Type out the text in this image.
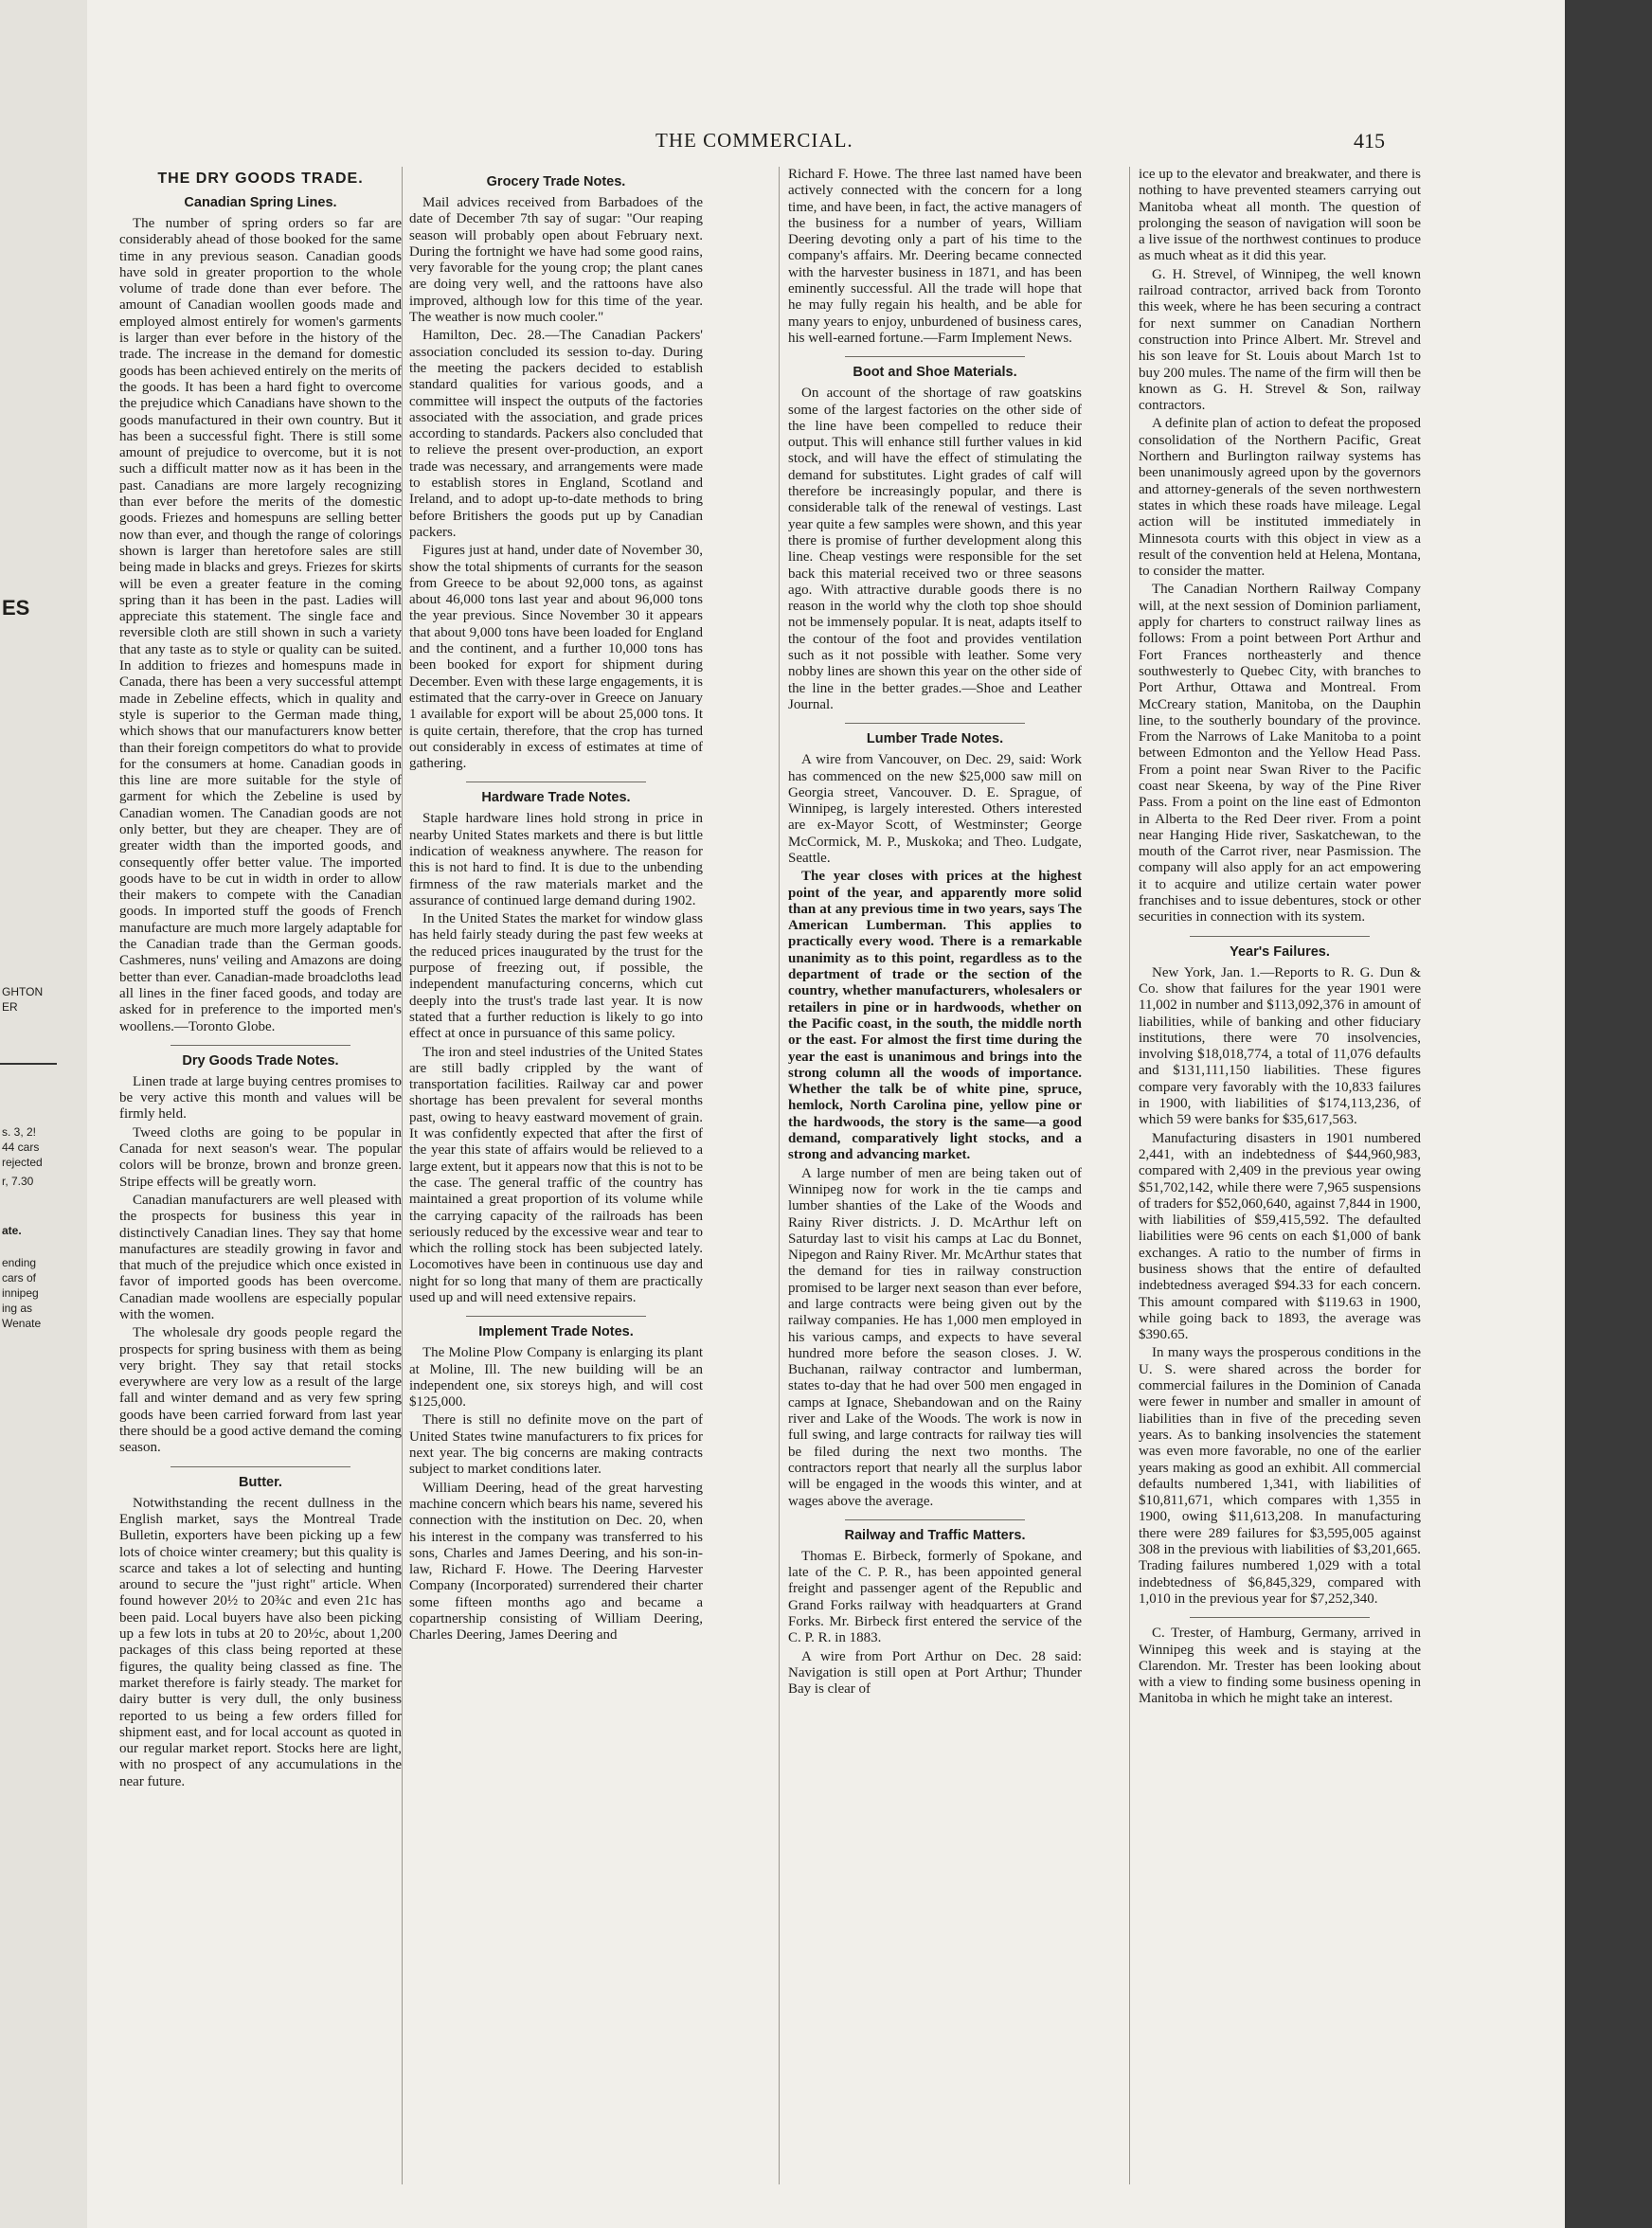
ES
GHTON
ER
s. 3, 2!
44 cars
rejected
r, 7.30
ate.
ending
cars of
innipeg
ing as
Wenate
THE COMMERCIAL.	415
THE DRY GOODS TRADE.
Canadian Spring Lines.

The number of spring orders so far are considerably ahead of those booked for the same time in any previous season. Canadian goods have sold in greater proportion to the whole volume of trade done than ever before. The amount of Canadian woollen goods made and employed almost entirely for women's garments is larger than ever before in the history of the trade. The increase in the demand for domestic goods has been achieved entirely on the merits of the goods. It has been a hard fight to overcome the prejudice which Canadians have shown to the goods manufactured in their own country. But it has been a successful fight. There is still some amount of prejudice to overcome, but it is not such a difficult matter now as it has been in the past. Canadians are more largely recognizing than ever before the merits of the domestic goods. Friezes and homespuns are selling better now than ever, and though the range of colorings shown is larger than heretofore sales are still being made in blacks and greys. Friezes for skirts will be even a greater feature in the coming spring than it has been in the past. Ladies will appreciate this statement. The single face and reversible cloth are still shown in such a variety that any taste as to style or quality can be suited. In addition to friezes and homespuns made in Canada, there has been a very successful attempt made in Zebeline effects, which in quality and style is superior to the German made thing, which shows that our manufacturers know better than their foreign competitors do what to provide for the consumers at home. Canadian goods in this line are more suitable for the style of garment for which the Zebeline is used by Canadian women. The Canadian goods are not only better, but they are cheaper. They are of greater width than the imported goods, and consequently offer better value. The imported goods have to be cut in width in order to allow their makers to compete with the Canadian goods. In imported stuff the goods of French manufacture are much more largely adaptable for the Canadian trade than the German goods. Cashmeres, nuns' veiling and Amazons are doing better than ever. Canadian-made broadcloths lead all lines in the finer faced goods, and today are asked for in preference to the imported men's woollens.—Toronto Globe.

Dry Goods Trade Notes.

Linen trade at large buying centres promises to be very active this month and values will be firmly held.

Tweed cloths are going to be popular in Canada for next season's wear. The popular colors will be bronze, brown and bronze green. Stripe effects will be greatly worn.

Canadian manufacturers are well pleased with the prospects for business this year in distinctively Canadian lines. They say that home manufactures are steadily growing in favor and that much of the prejudice which once existed in favor of imported goods has been overcome. Canadian made woollens are especially popular with the women.

The wholesale dry goods people regard the prospects for spring business with them as being very bright. They say that retail stocks everywhere are very low as a result of the large fall and winter demand and as very few spring goods have been carried forward from last year there should be a good active demand the coming season.

Butter.

Notwithstanding the recent dullness in the English market, says the Montreal Trade Bulletin, exporters have been picking up a few lots of choice winter creamery; but this quality is scarce and takes a lot of selecting and hunting around to secure the "just right" article. When found however 20½ to 20¾c and even 21c has been paid. Local buyers have also been picking up a few lots in tubs at 20 to 20½c, about 1,200 packages of this class being reported at these figures, the quality being classed as fine. The market therefore is fairly steady. The market for dairy butter is very dull, the only business reported to us being a few orders filled for shipment east, and for local account as quoted in our regular market report. Stocks here are light, with no prospect of any accumulations in the near future.

Grocery Trade Notes.

Mail advices received from Barbadoes of the date of December 7th say of sugar: "Our reaping season will probably open about February next. During the fortnight we have had some good rains, very favorable for the young crop; the plant canes are doing very well, and the rattoons have also improved, although low for this time of the year. The weather is now much cooler."

Hamilton, Dec. 28.—The Canadian Packers' association concluded its session to-day. During the meeting the packers decided to establish standard qualities for various goods, and a committee will inspect the outputs of the factories associated with the association, and grade prices according to standards. Packers also concluded that to relieve the present over-production, an export trade was necessary, and arrangements were made to establish stores in England, Scotland and Ireland, and to adopt up-to-date methods to bring before Britishers the goods put up by Canadian packers.

Figures just at hand, under date of November 30, show the total shipments of currants for the season from Greece to be about 92,000 tons, as against about 46,000 tons last year and about 96,000 tons the year previous. Since November 30 it appears that about 9,000 tons have been loaded for England and the continent, and a further 10,000 tons has been booked for export for shipment during December. Even with these large engagements, it is estimated that the carry-over in Greece on January 1 available for export will be about 25,000 tons. It is quite certain, therefore, that the crop has turned out considerably in excess of estimates at time of gathering.

Hardware Trade Notes.

Staple hardware lines hold strong in price in nearby United States markets and there is but little indication of weakness anywhere. The reason for this is not hard to find. It is due to the unbending firmness of the raw materials market and the assurance of continued large demand during 1902.

In the United States the market for window glass has held fairly steady during the past few weeks at the reduced prices inaugurated by the trust for the purpose of freezing out, if possible, the independent manufacturing concerns, which cut deeply into the trust's trade last year. It is now stated that a further reduction is likely to go into effect at once in pursuance of this same policy.

The iron and steel industries of the United States are still badly crippled by the want of transportation facilities. Railway car and power shortage has been prevalent for several months past, owing to heavy eastward movement of grain. It was confidently expected that after the first of the year this state of affairs would be relieved to a large extent, but it appears now that this is not to be the case. The general traffic of the country has maintained a great proportion of its volume while the carrying capacity of the railroads has been seriously reduced by the excessive wear and tear to which the rolling stock has been subjected lately. Locomotives have been in continuous use day and night for so long that many of them are practically used up and will need extensive repairs.

Implement Trade Notes.

The Moline Plow Company is enlarging its plant at Moline, Ill. The new building will be an independent one, six storeys high, and will cost $125,000.

There is still no definite move on the part of United States twine manufacturers to fix prices for next year. The big concerns are making contracts subject to market conditions later.

William Deering, head of the great harvesting machine concern which bears his name, severed his connection with the institution on Dec. 20, when his interest in the company was transferred to his sons, Charles and James Deering, and his son-in-law, Richard F. Howe. The Deering Harvester Company (Incorporated) surrendered their charter some fifteen months ago and became a copartnership consisting of William Deering, Charles Deering, James Deering and

Richard F. Howe. The three last named have been actively connected with the concern for a long time, and have been, in fact, the active managers of the business for a number of years, William Deering devoting only a part of his time to the company's affairs. Mr. Deering became connected with the harvester business in 1871, and has been eminently successful. All the trade will hope that he may fully regain his health, and be able for many years to enjoy, unburdened of business cares, his well-earned fortune.—Farm Implement News.

Boot and Shoe Materials.

On account of the shortage of raw goatskins some of the largest factories on the other side of the line have been compelled to reduce their output. This will enhance still further values in kid stock, and will have the effect of stimulating the demand for substitutes. Light grades of calf will therefore be increasingly popular, and there is considerable talk of the renewal of vestings. Last year quite a few samples were shown, and this year there is promise of further development along this line. Cheap vestings were responsible for the set back this material received two or three seasons ago. With attractive durable goods there is no reason in the world why the cloth top shoe should not be immensely popular. It is neat, adapts itself to the contour of the foot and provides ventilation such as it not possible with leather. Some very nobby lines are shown this year on the other side of the line in the better grades.—Shoe and Leather Journal.

Lumber Trade Notes.

A wire from Vancouver, on Dec. 29, said: Work has commenced on the new $25,000 saw mill on Georgia street, Vancouver. D. E. Sprague, of Winnipeg, is largely interested. Others interested are ex-Mayor Scott, of Westminster; George McCormick, M. P., Muskoka; and Theo. Ludgate, Seattle.

The year closes with prices at the highest point of the year, and apparently more solid than at any previous time in two years, says The American Lumberman. This applies to practically every wood. There is a remarkable unanimity as to this point, regardless as to the department of trade or the section of the country, whether manufacturers, wholesalers or retailers in pine or in hardwoods, whether on the Pacific coast, in the south, the middle north or the east. For almost the first time during the year the east is unanimous and brings into the strong column all the woods of importance. Whether the talk be of white pine, spruce, hemlock, North Carolina pine, yellow pine or the hardwoods, the story is the same—a good demand, comparatively light stocks, and a strong and advancing market.

A large number of men are being taken out of Winnipeg now for work in the tie camps and lumber shanties of the Lake of the Woods and Rainy River districts. J. D. McArthur left on Saturday last to visit his camps at Lac du Bonnet, Nipegon and Rainy River. Mr. McArthur states that the demand for ties in railway construction promised to be larger next season than ever before, and large contracts were being given out by the railway companies. He has 1,000 men employed in his various camps, and expects to have several hundred more before the season closes. J. W. Buchanan, railway contractor and lumberman, states to-day that he had over 500 men engaged in camps at Ignace, Shebandowan and on the Rainy river and Lake of the Woods. The work is now in full swing, and large contracts for railway ties will be filed during the next two months. The contractors report that nearly all the surplus labor will be engaged in the woods this winter, and at wages above the average.

Railway and Traffic Matters.

Thomas E. Birbeck, formerly of Spokane, and late of the C. P. R., has been appointed general freight and passenger agent of the Republic and Grand Forks railway with headquarters at Grand Forks. Mr. Birbeck first entered the service of the C. P. R. in 1883.

A wire from Port Arthur on Dec. 28 said: Navigation is still open at Port Arthur; Thunder Bay is clear of

ice up to the elevator and breakwater, and there is nothing to have prevented steamers carrying out Manitoba wheat all month. The question of prolonging the season of navigation will soon be a live issue of the northwest continues to produce as much wheat as it did this year.

G. H. Strevel, of Winnipeg, the well known railroad contractor, arrived back from Toronto this week, where he has been securing a contract for next summer on Canadian Northern construction into Prince Albert. Mr. Strevel and his son leave for St. Louis about March 1st to buy 200 mules. The name of the firm will then be known as G. H. Strevel & Son, railway contractors.

A definite plan of action to defeat the proposed consolidation of the Northern Pacific, Great Northern and Burlington railway systems has been unanimously agreed upon by the governors and attorney-generals of the seven northwestern states in which these roads have mileage. Legal action will be instituted immediately in Minnesota courts with this object in view as a result of the convention held at Helena, Montana, to consider the matter.

The Canadian Northern Railway Company will, at the next session of Dominion parliament, apply for charters to construct railway lines as follows: From a point between Port Arthur and Fort Frances northeasterly and thence southwesterly to Quebec City, with branches to Port Arthur, Ottawa and Montreal. From McCreary station, Manitoba, on the Dauphin line, to the southerly boundary of the province. From the Narrows of Lake Manitoba to a point between Edmonton and the Yellow Head Pass. From a point near Swan River to the Pacific coast near Skeena, by way of the Pine River Pass. From a point on the line east of Edmonton in Alberta to the Red Deer river. From a point near Hanging Hide river, Saskatchewan, to the mouth of the Carrot river, near Pasmission. The company will also apply for an act empowering it to acquire and utilize certain water power franchises and to issue debentures, stock or other securities in connection with its system.

Year's Failures.

New York, Jan. 1.—Reports to R. G. Dun & Co. show that failures for the year 1901 were 11,002 in number and $113,092,376 in amount of liabilities, while of banking and other fiduciary institutions, there were 70 insolvencies, involving $18,018,774, a total of 11,076 defaults and $131,111,150 liabilities. These figures compare very favorably with the 10,833 failures in 1900, with liabilities of $174,113,236, of which 59 were banks for $35,617,563.

Manufacturing disasters in 1901 numbered 2,441, with an indebtedness of $44,960,983, compared with 2,409 in the previous year owing $51,702,142, while there were 7,965 suspensions of traders for $52,060,640, against 7,844 in 1900, with liabilities of $59,415,592. The defaulted liabilities were 96 cents on each $1,000 of bank exchanges. A ratio to the number of firms in business shows that the entire of defaulted indebtedness averaged $94.33 for each concern. This amount compared with $119.63 in 1900, while going back to 1893, the average was $390.65.

In many ways the prosperous conditions in the U. S. were shared across the border for commercial failures in the Dominion of Canada were fewer in number and smaller in amount of liabilities than in five of the preceding seven years. As to banking insolvencies the statement was even more favorable, no one of the earlier years making as good an exhibit. All commercial defaults numbered 1,341, with liabilities of $10,811,671, which compares with 1,355 in 1900, owing $11,613,208. In manufacturing there were 289 failures for $3,595,005 against 308 in the previous with liabilities of $3,201,665. Trading failures numbered 1,029 with a total indebtedness of $6,845,329, compared with 1,010 in the previous year for $7,252,340.

C. Trester, of Hamburg, Germany, arrived in Winnipeg this week and is staying at the Clarendon. Mr. Trester has been looking about with a view to finding some business opening in Manitoba in which he might take an interest.
